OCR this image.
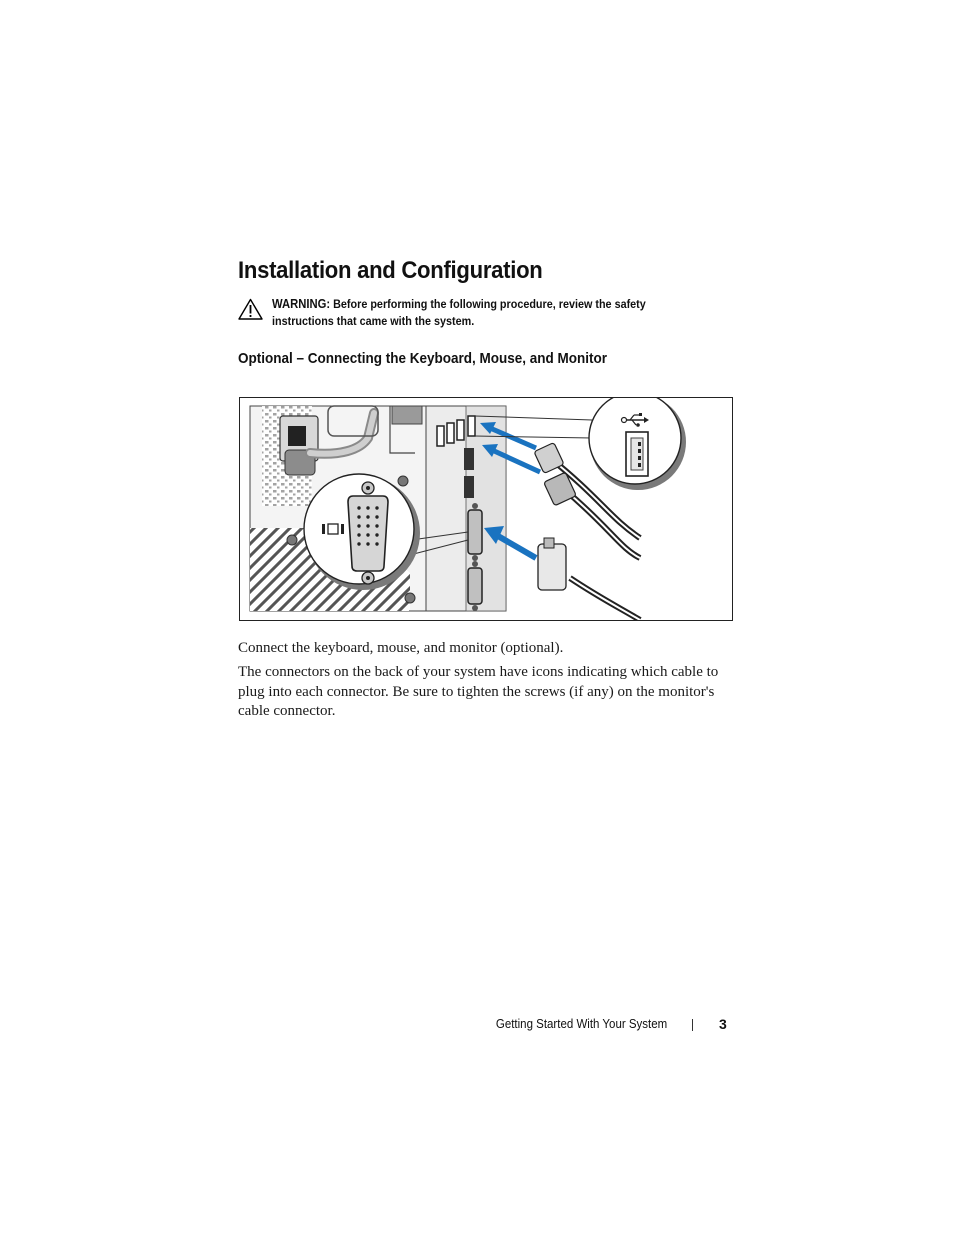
Installation and Configuration
WARNING: Before performing the following procedure, review the safety instructions that came with the system.
Optional – Connecting the Keyboard, Mouse, and Monitor

Connect the keyboard, mouse, and monitor (optional).

The connectors on the back of your system have icons indicating which cable to plug into each connector. Be sure to tighten the screws (if any) on the monitor's cable connector.

Getting Started With Your System	3
